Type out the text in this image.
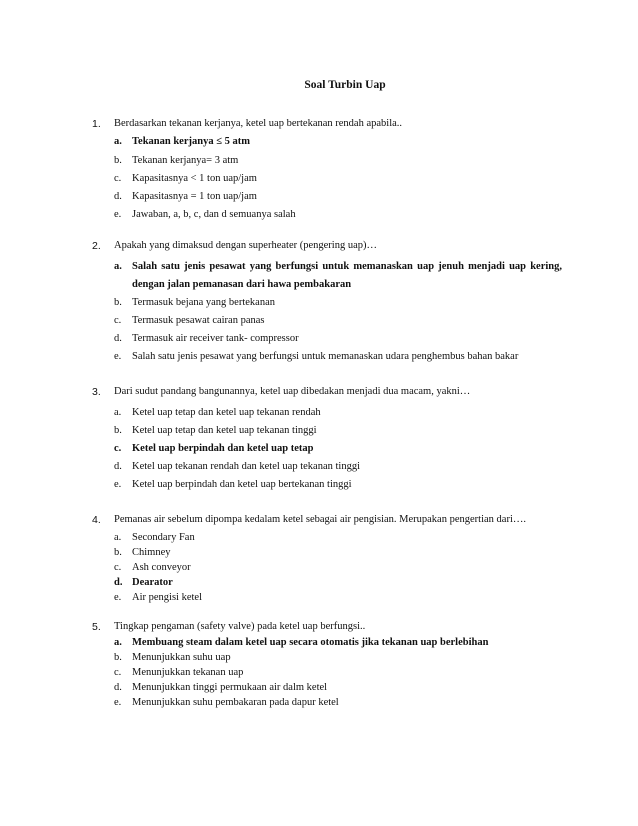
Soal Turbin Uap
1. Berdasarkan tekanan kerjanya, ketel uap bertekanan rendah apabila..
a. Tekanan kerjanya ≤ 5 atm
b. Tekanan kerjanya= 3 atm
c.	Kapasitasnya < 1 ton uap/jam
d. Kapasitasnya = 1 ton uap/jam
e.	Jawaban, a, b, c, dan d semuanya salah
2. Apakah yang dimaksud dengan superheater (pengering uap)…
a. Salah satu jenis pesawat yang berfungsi untuk memanaskan uap jenuh menjadi uap kering,
dengan jalan pemanasan dari hawa pembakaran
b. Termasuk bejana yang bertekanan
c.	Termasuk pesawat cairan panas
d. Termasuk air receiver tank- compressor
e.	Salah satu jenis pesawat yang berfungsi untuk memanaskan udara penghembus bahan bakar
3. Dari sudut pandang bangunannya, ketel uap dibedakan menjadi dua macam, yakni…
a.	Ketel uap tetap dan ketel uap tekanan rendah
b. Ketel uap tetap dan ketel uap tekanan tinggi
c.	Ketel uap berpindah dan ketel uap tetap
d. Ketel uap tekanan rendah dan ketel uap tekanan tinggi
e.	Ketel uap berpindah dan ketel uap bertekanan tinggi
4. Pemanas air sebelum dipompa kedalam ketel sebagai air pengisian. Merupakan pengertian dari….
a.	Secondary Fan
b. Chimney
c.	Ash conveyor
d. Dearator
e.	Air pengisi ketel
5. Tingkap pengaman (safety valve) pada ketel uap berfungsi..
a. Membuang steam dalam ketel uap secara otomatis jika tekanan uap berlebihan
b. Menunjukkan suhu uap
c.	Menunjukkan tekanan uap
d. Menunjukkan tinggi permukaan air dalm ketel
e.	Menunjukkan suhu pembakaran pada dapur ketel
